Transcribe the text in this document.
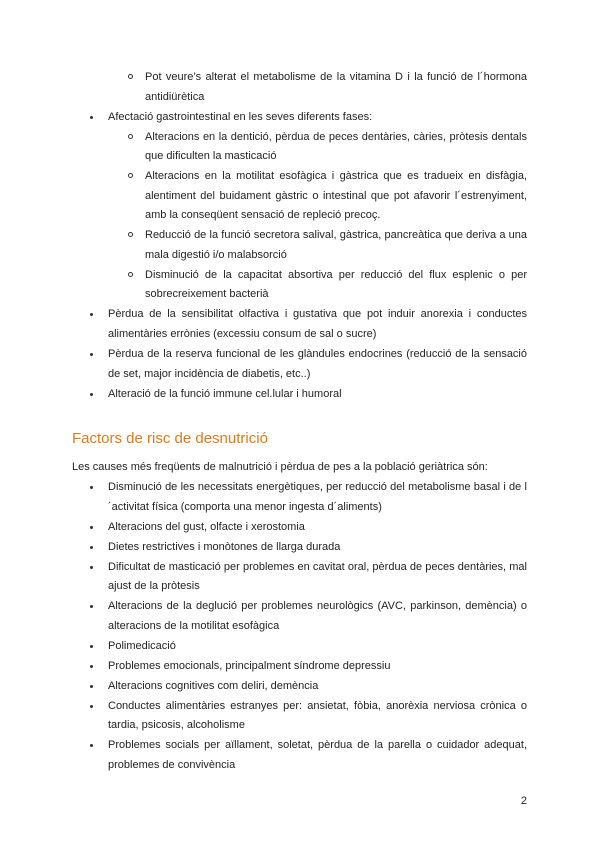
Pot veure’s alterat el metabolisme de la vitamina D i la funció de l´hormona antidiürètica
Afectació gastrointestinal en les seves diferents fases:
Alteracions en la dentició, pèrdua de peces dentàries, càries, pròtesis dentals que dificulten la masticació
Alteracions en la motilitat esofàgica i gàstrica que es tradueix en disfàgia, alentiment del buidament gàstric o intestinal que pot afavorir l´estrenyiment, amb la conseqüent sensació de repleció precoç.
Reducció de la funció secretora salival, gàstrica, pancreàtica que deriva a una mala digestió i/o malabsorció
Disminució de la capacitat absortiva per reducció del flux esplenic o per sobrecreixement bacterià
Pèrdua de la sensibilitat olfactiva i gustativa que pot induir anorexia i conductes alimentàries errònies (excessiu consum de sal o sucre)
Pèrdua de la reserva funcional de les glàndules endocrines (reducció de la sensació de set, major incidència de diabetis, etc..)
Alteració de la funció immune cel.lular i humoral
Factors de risc de desnutrició

Les causes més freqüents de malnutrició i pèrdua de pes a la població geriàtrica són:

Disminució de les necessitats energètiques, per reducció del metabolisme basal i de l´activitat física (comporta una menor ingesta d´aliments)
Alteracions del gust, olfacte i xerostomia
Dietes restrictives i monòtones de llarga durada
Dificultat de masticació per problemes en cavitat oral, pèrdua de peces dentàries, mal ajust de la pròtesis
Alteracions de la deglució per problemes neurològics (AVC, parkinson, demència) o alteracions de la motilitat esofàgica
Polimedicació
Problemes emocionals, principalment síndrome depressiu
Alteracions cognitives com deliri, demència
Conductes alimentàries estranyes per: ansietat, fòbia, anorèxia nerviosa crònica o tardia, psicosis, alcoholisme
Problemes socials per aïllament, soletat, pèrdua de la parella o cuidador adequat, problemes de convivència
2
